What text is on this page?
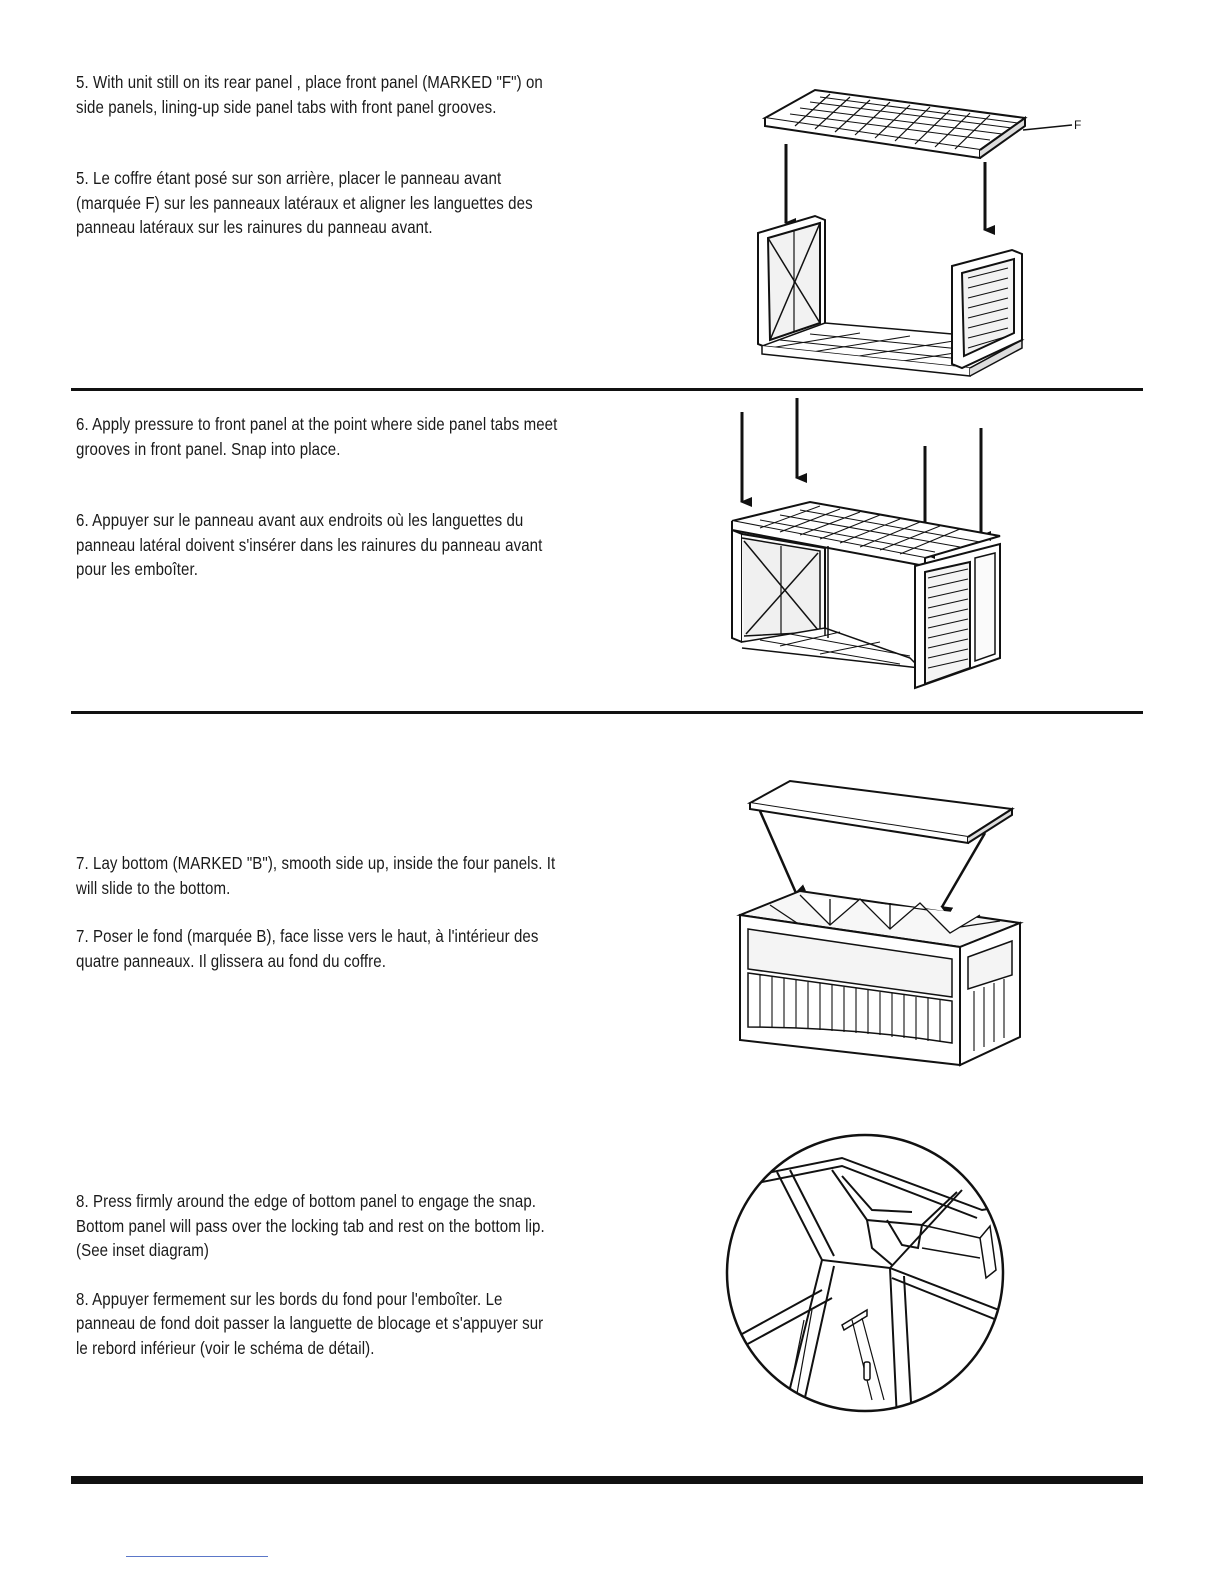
5. With unit still on its rear panel , place front panel (MARKED "F") on side panels, lining-up side panel tabs with front panel grooves.

5. Le coffre étant posé sur son arrière, placer le panneau avant (marquée F) sur les panneaux latéraux et aligner les languettes des panneau latéraux sur les rainures du panneau avant.

F

6. Apply pressure to front panel at the point where side panel tabs meet grooves in front panel. Snap into place.

6. Appuyer sur le panneau avant aux endroits où les languettes du panneau latéral doivent s'insérer dans les rainures du panneau avant pour les emboîter.

7. Lay bottom (MARKED "B"), smooth side up, inside the four panels. It will slide to the bottom.

7. Poser le fond (marquée B), face lisse vers le haut, à l'intérieur des quatre panneaux. Il glissera au fond du coffre.

8. Press firmly around the edge of bottom panel to engage the snap. Bottom panel will pass over the locking tab and rest on the bottom lip. (See inset diagram)

8. Appuyer fermement sur les bords du fond pour l'emboîter. Le panneau de fond doit passer la languette de blocage et s'appuyer sur le rebord inférieur (voir le schéma de détail).
